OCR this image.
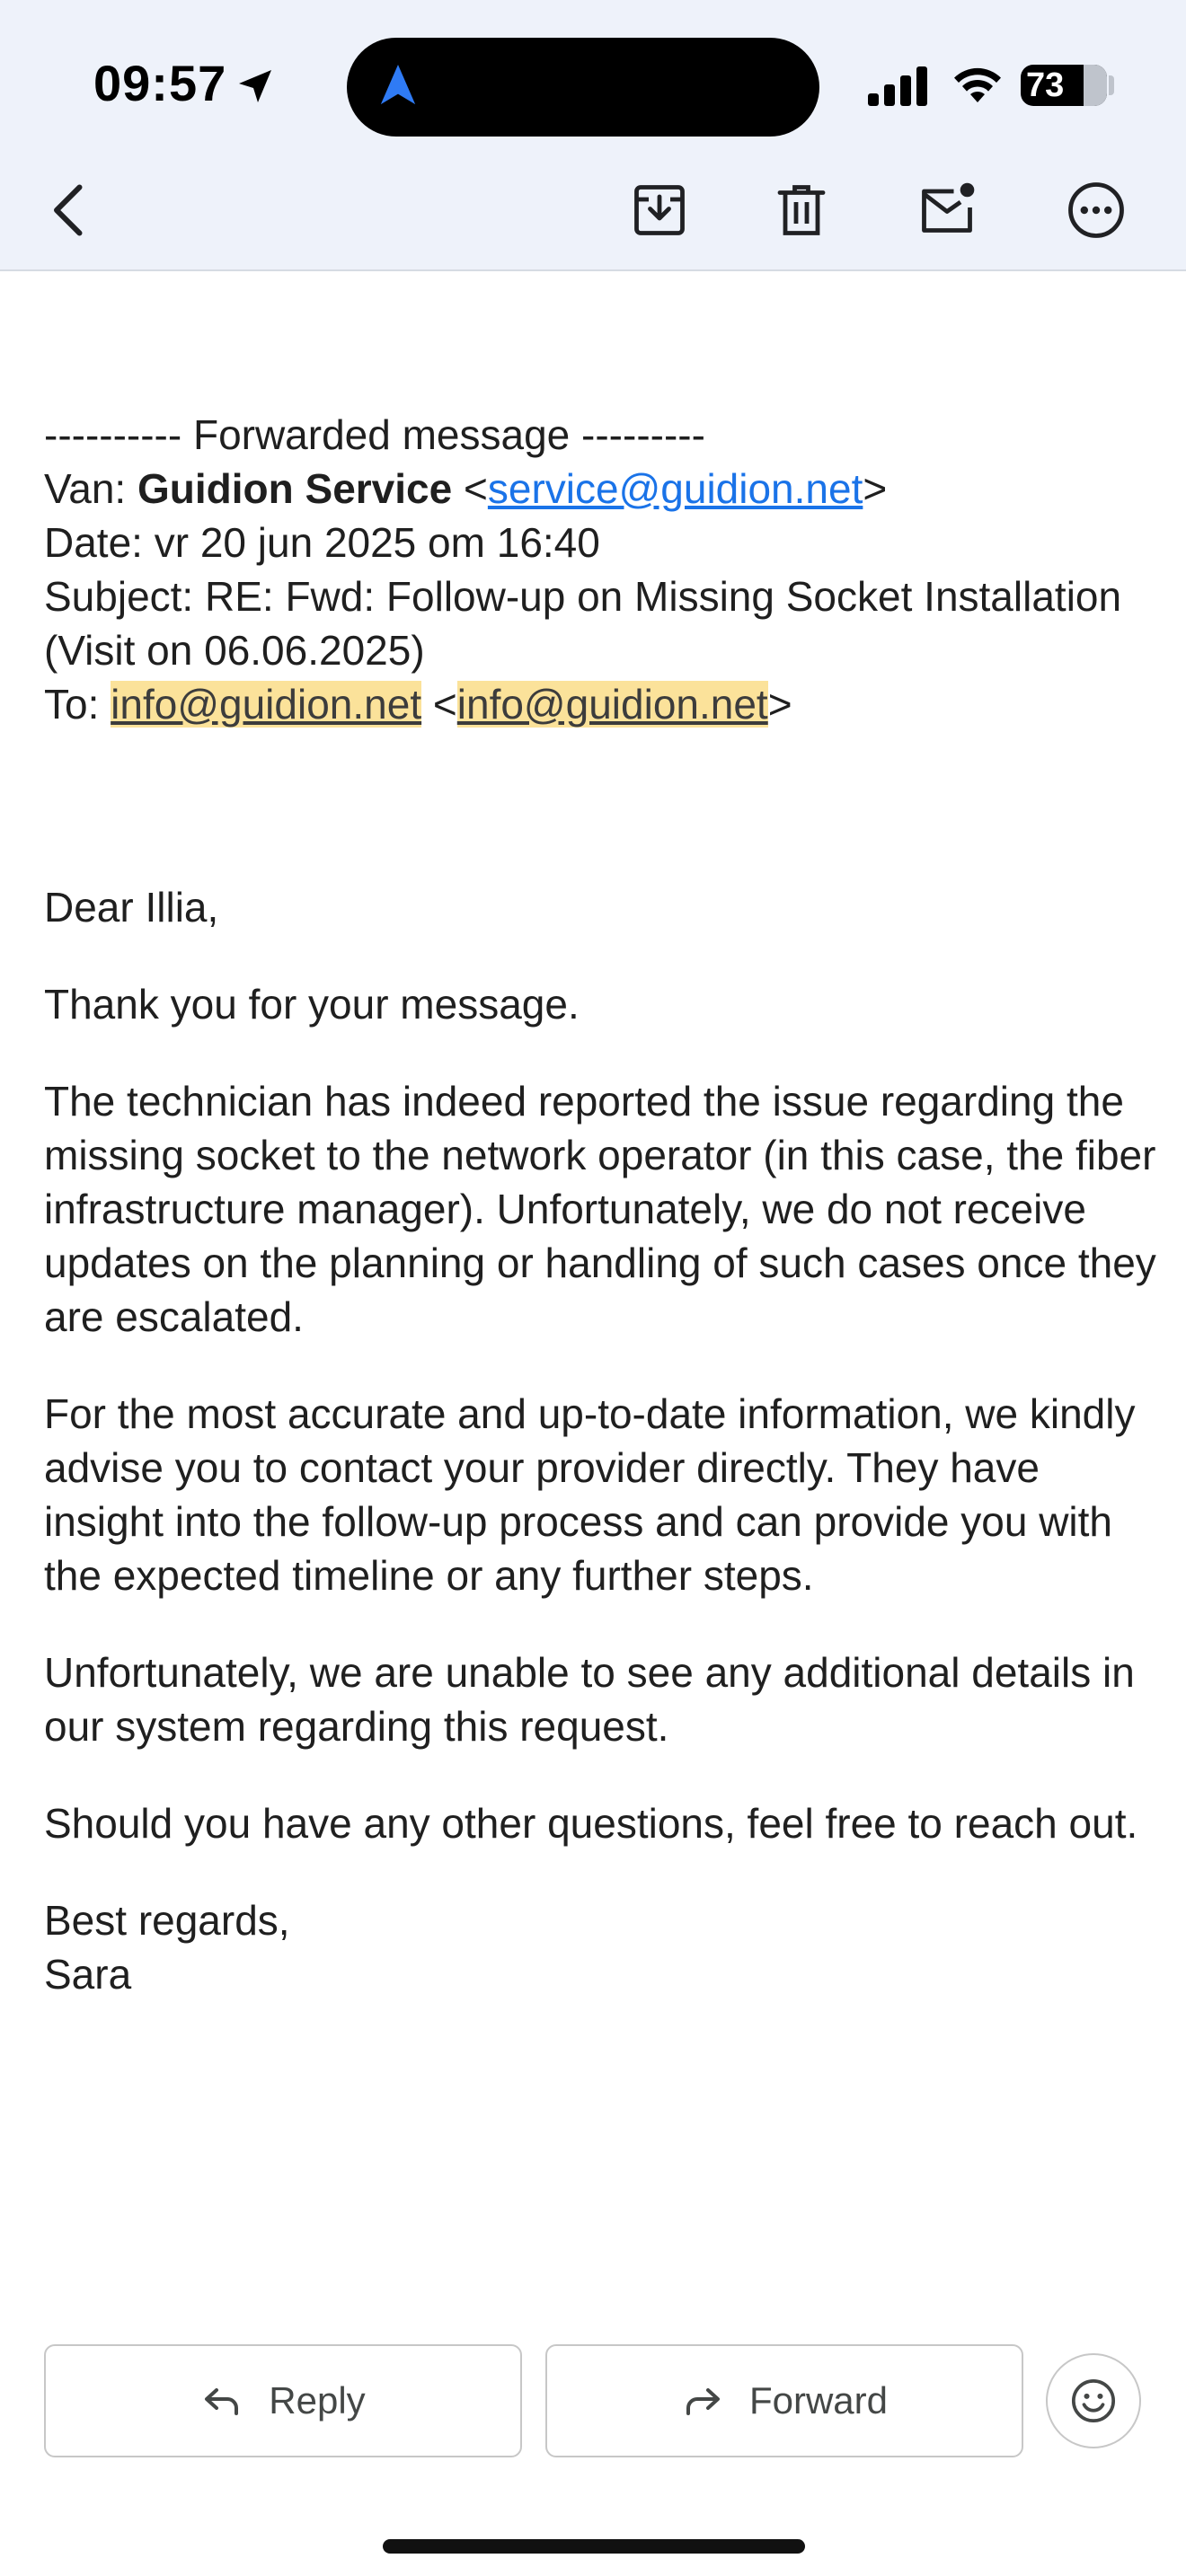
09:57	73

---------- Forwarded message ---------

Van: Guidion Service <service@guidion.net>

Date: vr 20 jun 2025 om 16:40

Subject: RE: Fwd: Follow-up on Missing Socket Installation (Visit on 06.06.2025)

To: info@guidion.net <info@guidion.net>

Dear Illia,

Thank you for your message.

The technician has indeed reported the issue regarding the missing socket to the network operator (in this case, the fiber infrastructure manager). Unfortunately, we do not receive updates on the planning or handling of such cases once they are escalated.

For the most accurate and up-to-date information, we kindly advise you to contact your provider directly. They have insight into the follow-up process and can provide you with the expected timeline or any further steps.

Unfortunately, we are unable to see any additional details in our system regarding this request.

Should you have any other questions, feel free to reach out.

Best regards,

Sara

Reply	Forward
